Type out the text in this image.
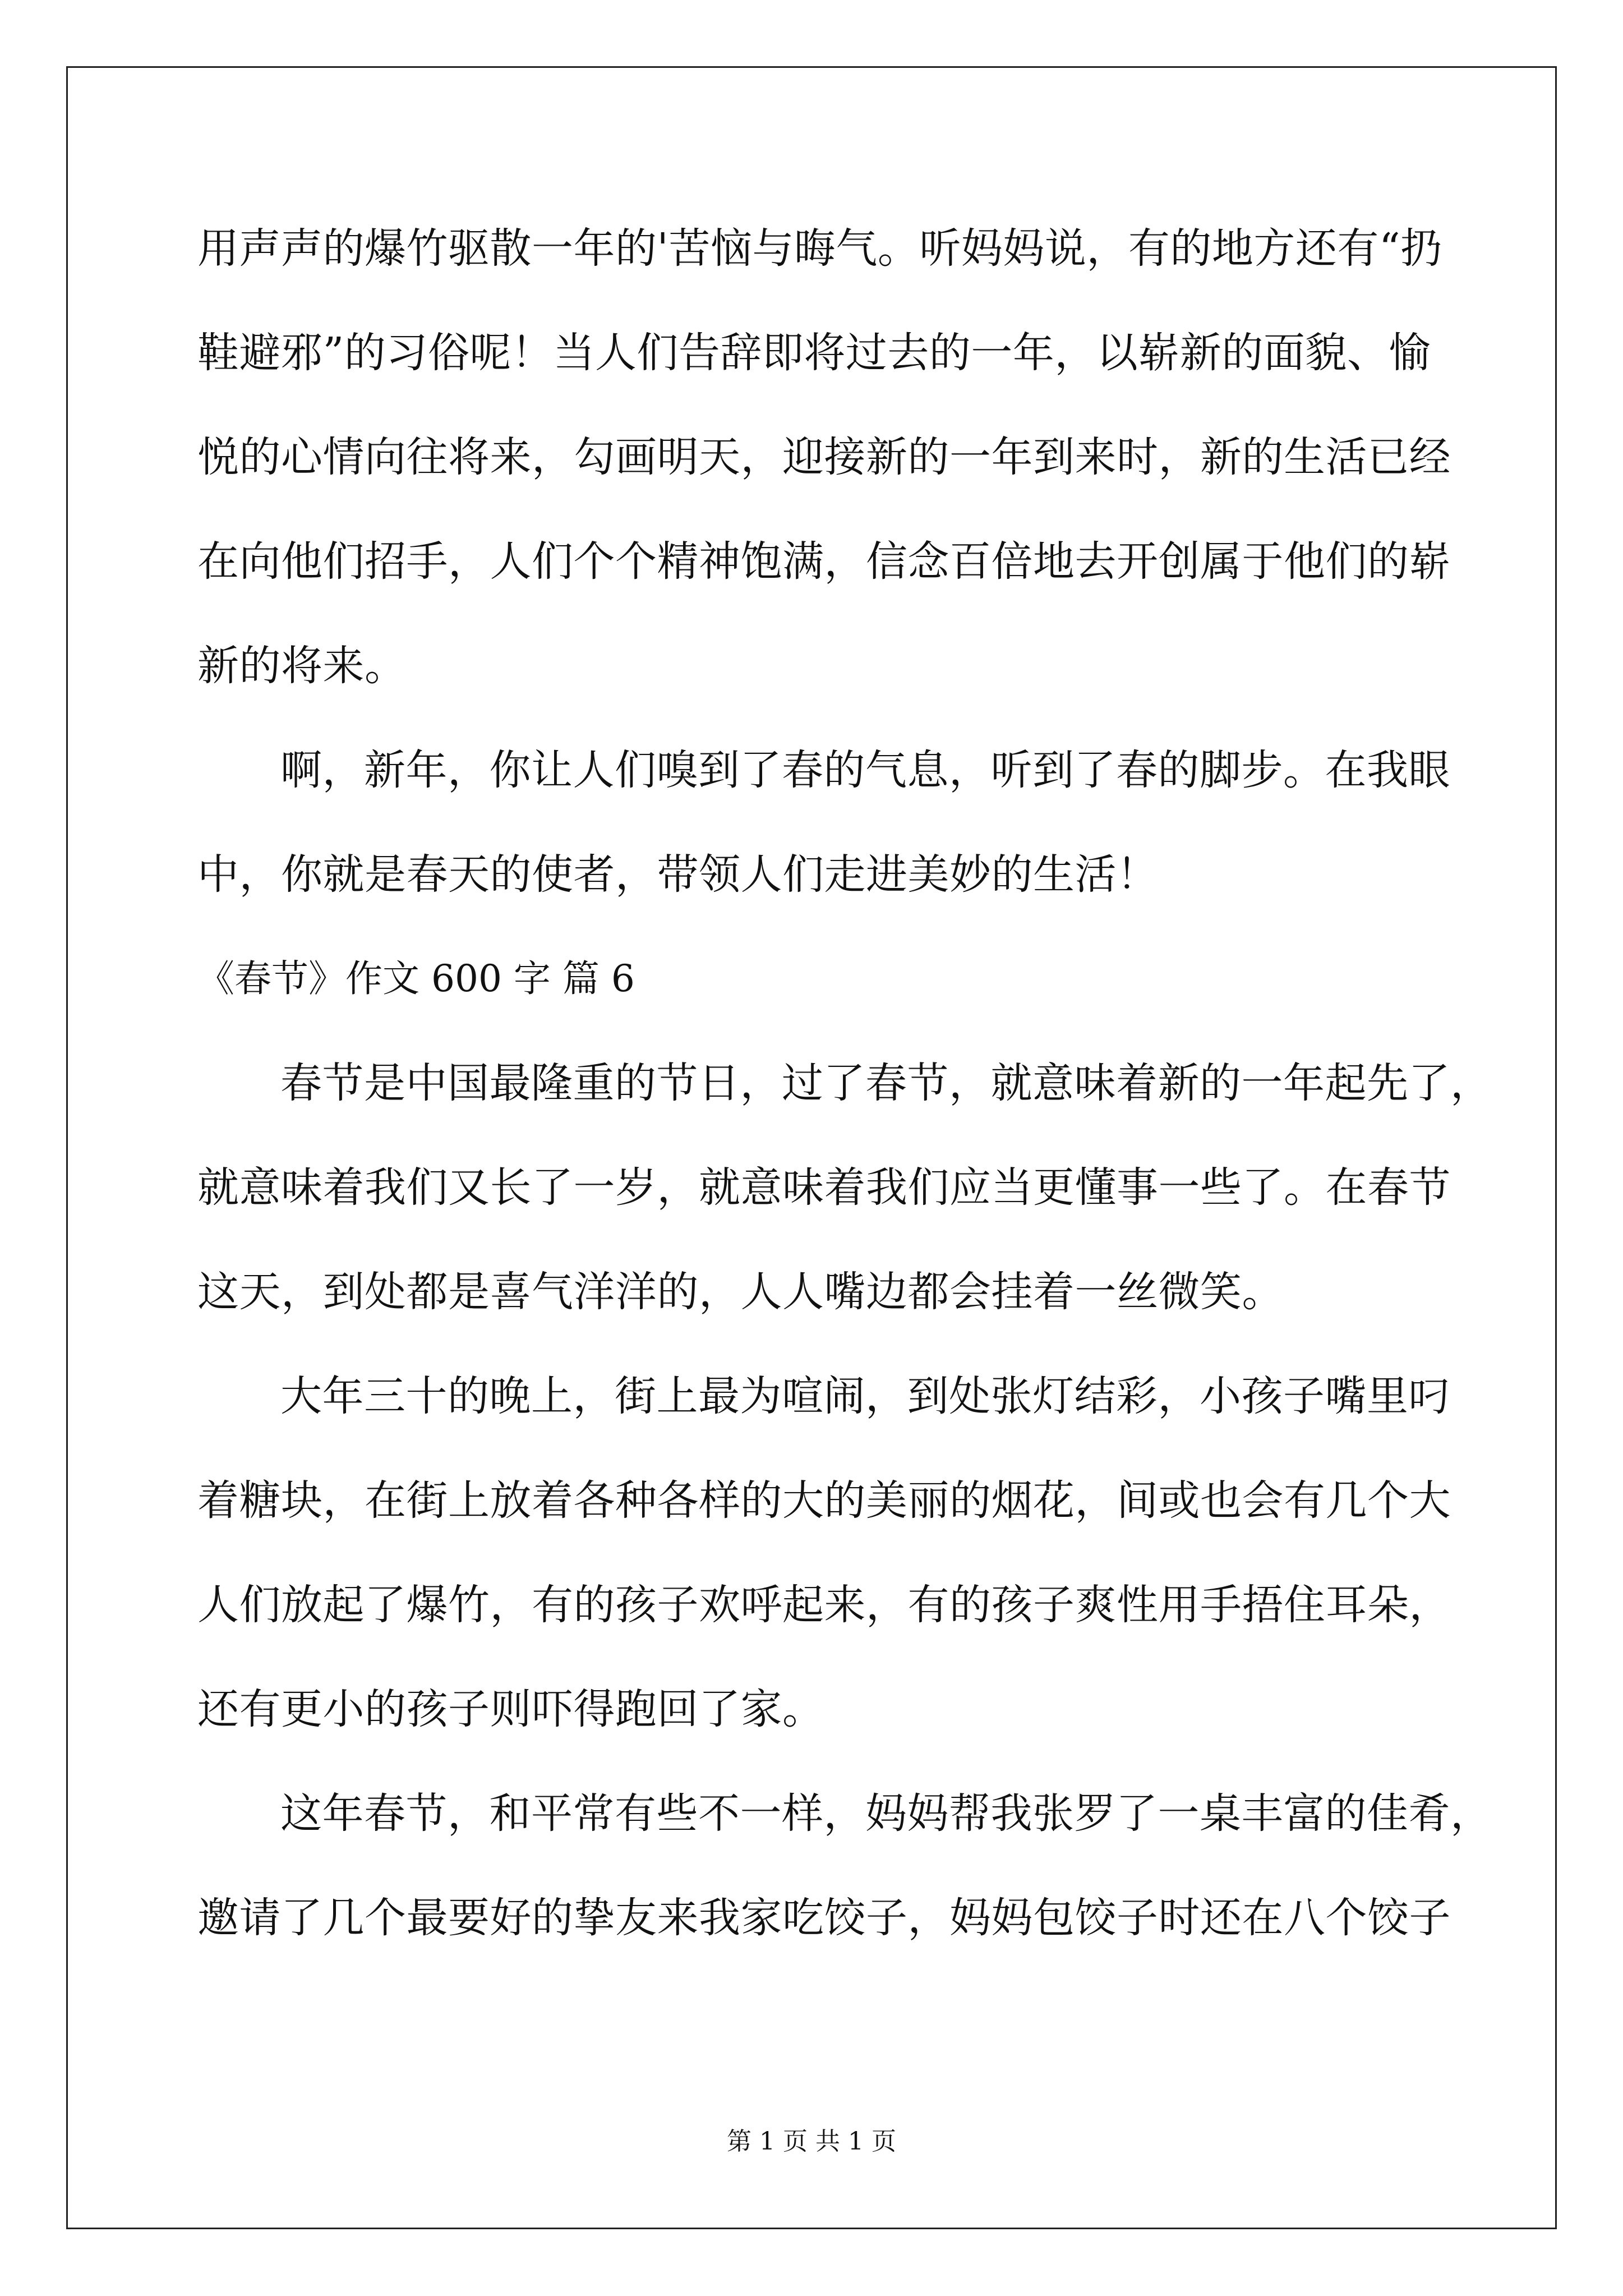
用声声的爆竹驱散一年的'苦恼与晦气。听妈妈说，有的地方还有“扔
鞋避邪”的习俗呢！当人们告辞即将过去的一年，以崭新的面貌、愉
悦的心情向往将来，勾画明天，迎接新的一年到来时，新的生活已经
在向他们招手，人们个个精神饱满，信念百倍地去开创属于他们的崭
新的将来。
啊，新年，你让人们嗅到了春的气息，听到了春的脚步。在我眼
中，你就是春天的使者，带领人们走进美妙的生活！
《春节》作文 600 字 篇 6
春节是中国最隆重的节日，过了春节，就意味着新的一年起先了，
就意味着我们又长了一岁，就意味着我们应当更懂事一些了。在春节
这天，到处都是喜气洋洋的，人人嘴边都会挂着一丝微笑。
大年三十的晚上，街上最为喧闹，到处张灯结彩，小孩子嘴里叼
着糖块，在街上放着各种各样的大的美丽的烟花，间或也会有几个大
人们放起了爆竹，有的孩子欢呼起来，有的孩子爽性用手捂住耳朵，
还有更小的孩子则吓得跑回了家。
这年春节，和平常有些不一样，妈妈帮我张罗了一桌丰富的佳肴，
邀请了几个最要好的挚友来我家吃饺子，妈妈包饺子时还在八个饺子
第 1 页 共 1 页
